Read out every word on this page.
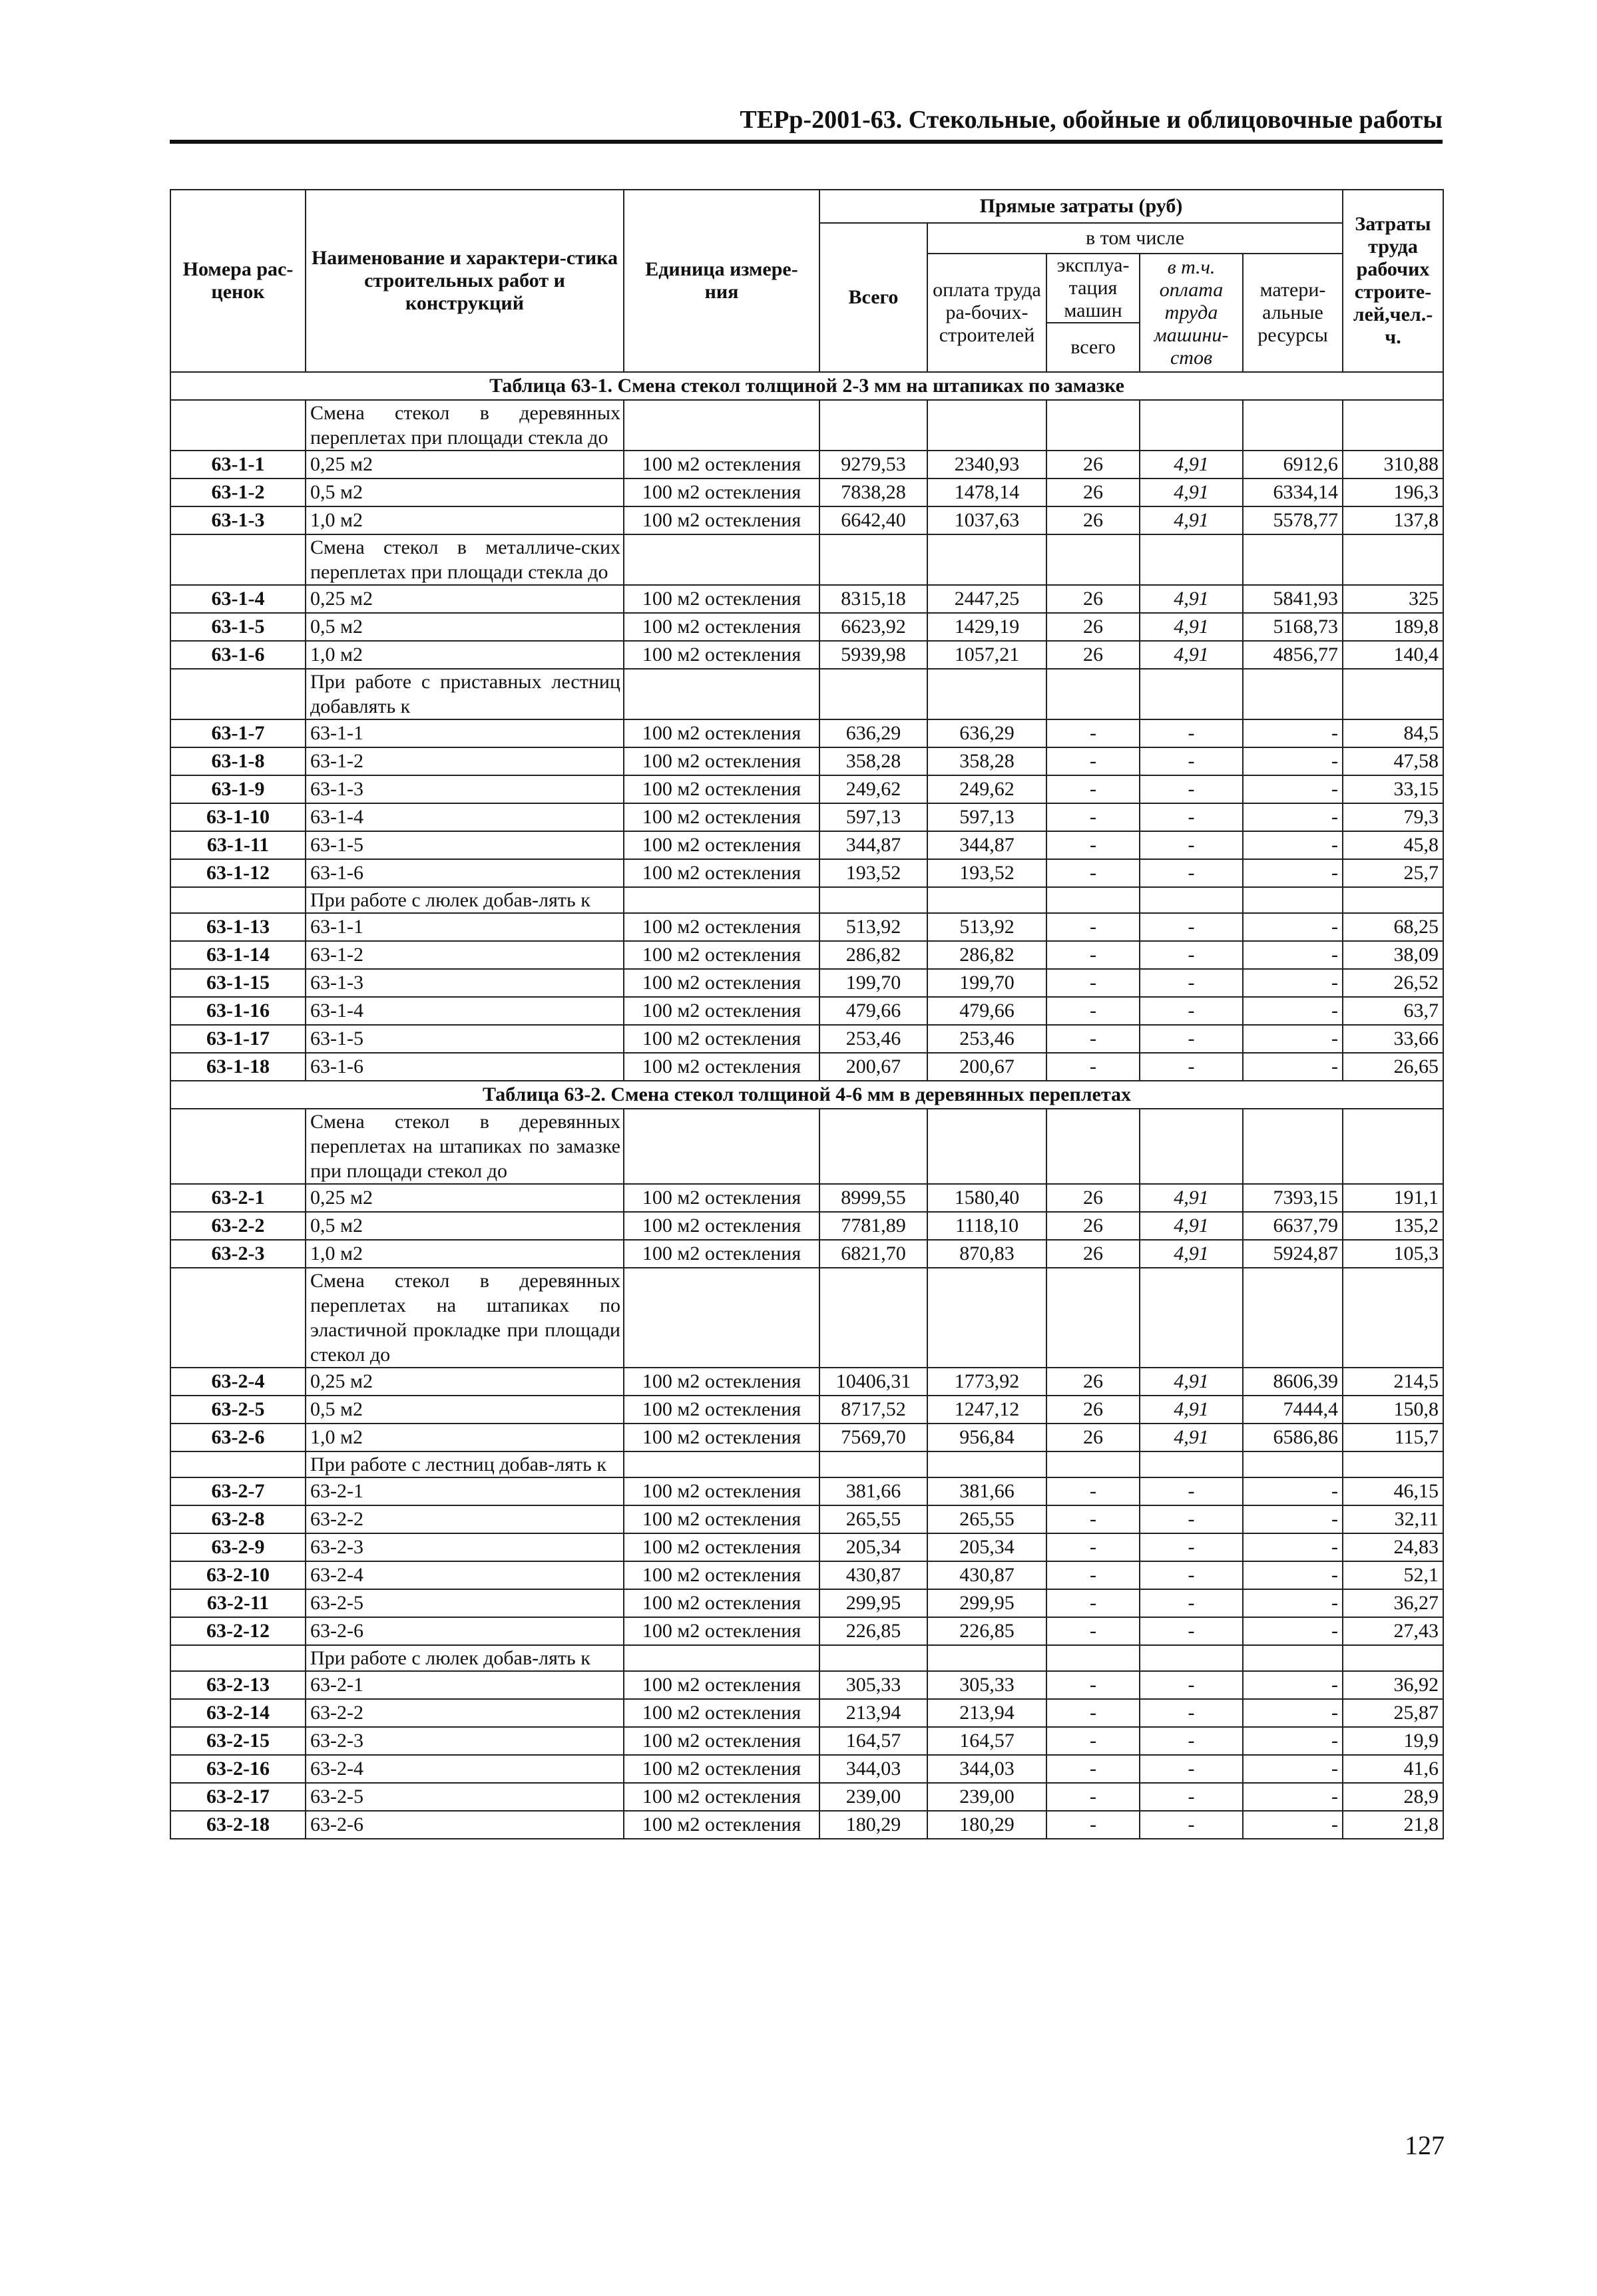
ТЕРр-2001-63. Стекольные, обойные и облицовочные работы
Номера рас-ценок	Наименование и характери-стика строительных работ и конструкций	Единица измере-ния	Прямые затраты (руб)					Затраты труда рабочих строите-лей,чел.-ч.
			Всего	в том числе				
				оплата труда ра-бочих-строителей	эксплуа-тация машин	в т.ч. оплата труда машини-стов	матери-альные ресурсы	
					всего			
Таблица 63-1. Смена стекол толщиной 2-3 мм на штапиках по замазке								
	Смена стекол в деревянных переплетах при площади стекла до							
63-1-1	0,25 м2	100 м2 остекления	9279,53	2340,93	26	4,91	6912,6	310,88
63-1-2	0,5 м2	100 м2 остекления	7838,28	1478,14	26	4,91	6334,14	196,3
63-1-3	1,0 м2	100 м2 остекления	6642,40	1037,63	26	4,91	5578,77	137,8
	Смена стекол в металличе-ских переплетах при площади стекла до							
63-1-4	0,25 м2	100 м2 остекления	8315,18	2447,25	26	4,91	5841,93	325
63-1-5	0,5 м2	100 м2 остекления	6623,92	1429,19	26	4,91	5168,73	189,8
63-1-6	1,0 м2	100 м2 остекления	5939,98	1057,21	26	4,91	4856,77	140,4
	При работе с приставных лестниц добавлять к							
63-1-7	63-1-1	100 м2 остекления	636,29	636,29	-	-	-	84,5
63-1-8	63-1-2	100 м2 остекления	358,28	358,28	-	-	-	47,58
63-1-9	63-1-3	100 м2 остекления	249,62	249,62	-	-	-	33,15
63-1-10	63-1-4	100 м2 остекления	597,13	597,13	-	-	-	79,3
63-1-11	63-1-5	100 м2 остекления	344,87	344,87	-	-	-	45,8
63-1-12	63-1-6	100 м2 остекления	193,52	193,52	-	-	-	25,7
	При работе с люлек добав-лять к							
63-1-13	63-1-1	100 м2 остекления	513,92	513,92	-	-	-	68,25
63-1-14	63-1-2	100 м2 остекления	286,82	286,82	-	-	-	38,09
63-1-15	63-1-3	100 м2 остекления	199,70	199,70	-	-	-	26,52
63-1-16	63-1-4	100 м2 остекления	479,66	479,66	-	-	-	63,7
63-1-17	63-1-5	100 м2 остекления	253,46	253,46	-	-	-	33,66
63-1-18	63-1-6	100 м2 остекления	200,67	200,67	-	-	-	26,65
Таблица 63-2. Смена стекол толщиной 4-6 мм в деревянных переплетах								
	Смена стекол в деревянных переплетах на штапиках по замазке при площади стекол до							
63-2-1	0,25 м2	100 м2 остекления	8999,55	1580,40	26	4,91	7393,15	191,1
63-2-2	0,5 м2	100 м2 остекления	7781,89	1118,10	26	4,91	6637,79	135,2
63-2-3	1,0 м2	100 м2 остекления	6821,70	870,83	26	4,91	5924,87	105,3
	Смена стекол в деревянных переплетах на штапиках по эластичной прокладке при площади стекол до							
63-2-4	0,25 м2	100 м2 остекления	10406,31	1773,92	26	4,91	8606,39	214,5
63-2-5	0,5 м2	100 м2 остекления	8717,52	1247,12	26	4,91	7444,4	150,8
63-2-6	1,0 м2	100 м2 остекления	7569,70	956,84	26	4,91	6586,86	115,7
	При работе с лестниц добав-лять к							
63-2-7	63-2-1	100 м2 остекления	381,66	381,66	-	-	-	46,15
63-2-8	63-2-2	100 м2 остекления	265,55	265,55	-	-	-	32,11
63-2-9	63-2-3	100 м2 остекления	205,34	205,34	-	-	-	24,83
63-2-10	63-2-4	100 м2 остекления	430,87	430,87	-	-	-	52,1
63-2-11	63-2-5	100 м2 остекления	299,95	299,95	-	-	-	36,27
63-2-12	63-2-6	100 м2 остекления	226,85	226,85	-	-	-	27,43
	При работе с люлек добав-лять к							
63-2-13	63-2-1	100 м2 остекления	305,33	305,33	-	-	-	36,92
63-2-14	63-2-2	100 м2 остекления	213,94	213,94	-	-	-	25,87
63-2-15	63-2-3	100 м2 остекления	164,57	164,57	-	-	-	19,9
63-2-16	63-2-4	100 м2 остекления	344,03	344,03	-	-	-	41,6
63-2-17	63-2-5	100 м2 остекления	239,00	239,00	-	-	-	28,9
63-2-18	63-2-6	100 м2 остекления	180,29	180,29	-	-	-	21,8
127
